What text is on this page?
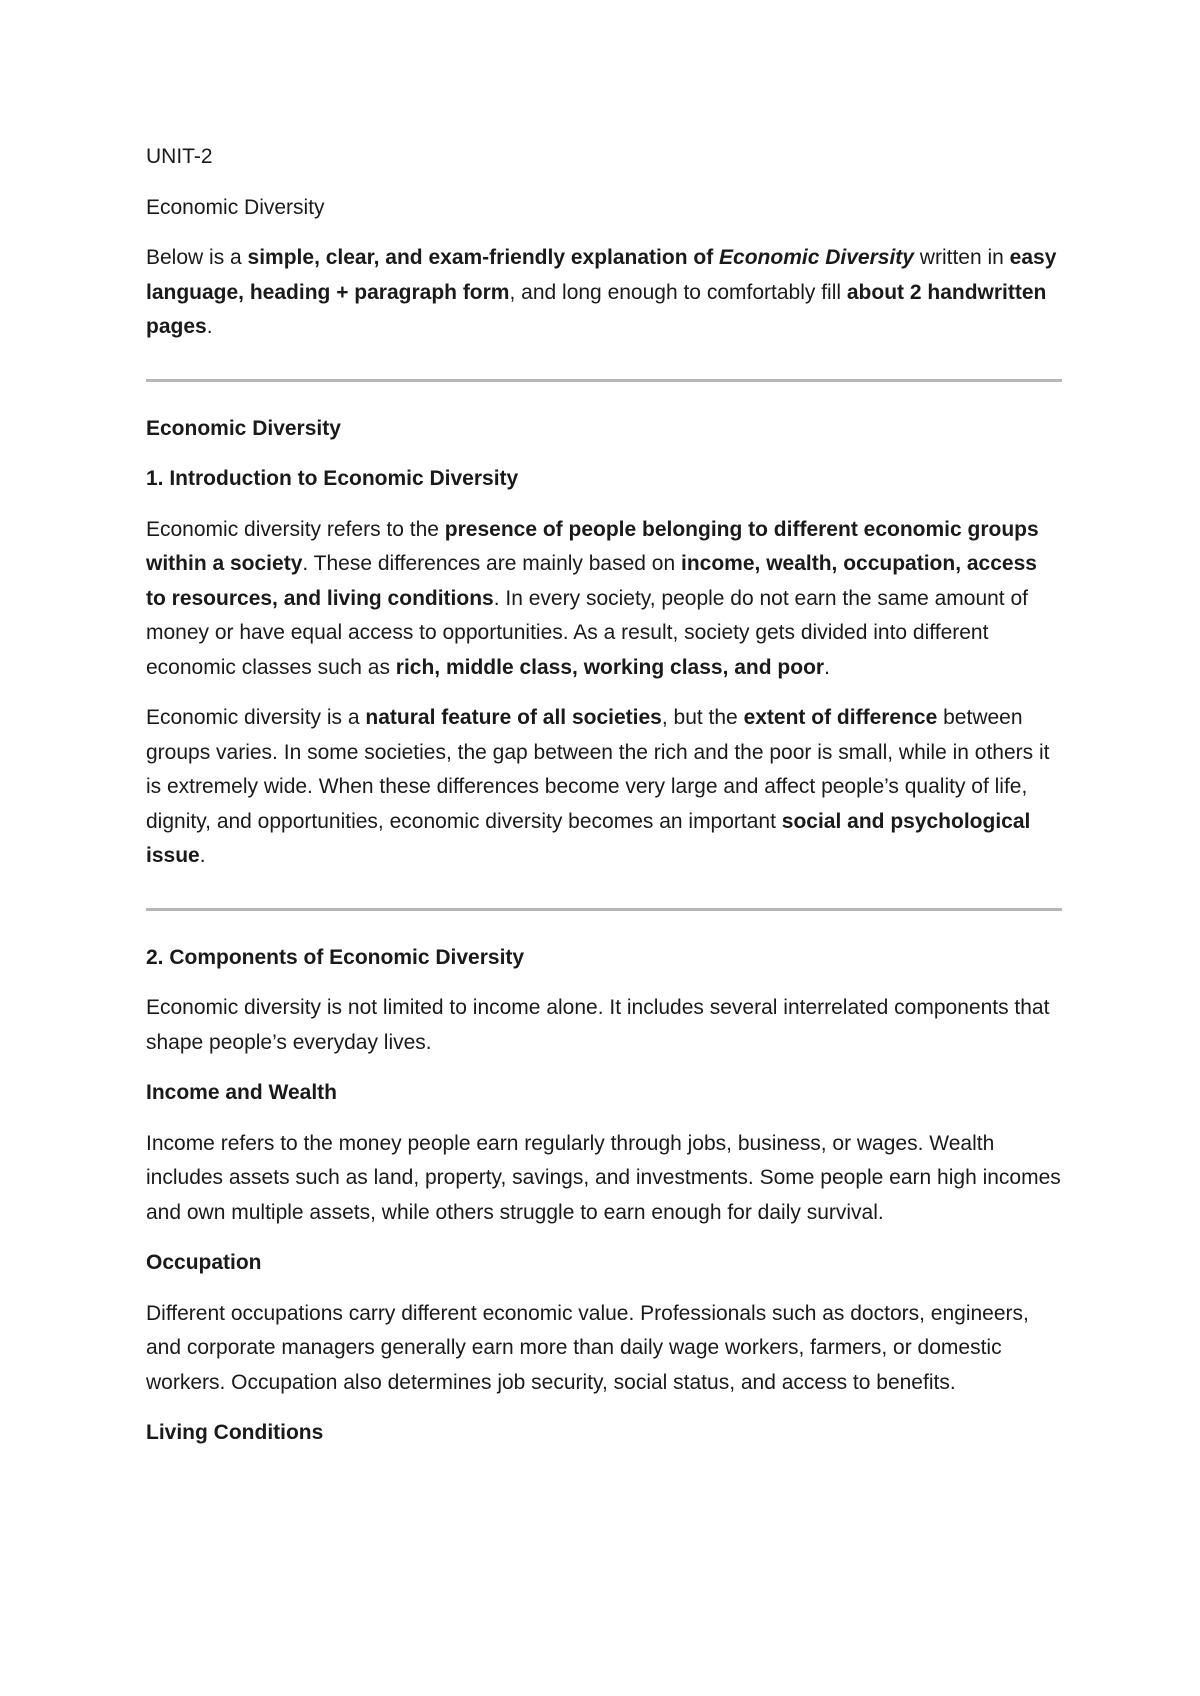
UNIT-2

Economic Diversity

Below is a simple, clear, and exam-friendly explanation of Economic Diversity written in easy language, heading + paragraph form, and long enough to comfortably fill about 2 handwritten pages.

Economic Diversity

1. Introduction to Economic Diversity

Economic diversity refers to the presence of people belonging to different economic groups within a society. These differences are mainly based on income, wealth, occupation, access to resources, and living conditions. In every society, people do not earn the same amount of money or have equal access to opportunities. As a result, society gets divided into different economic classes such as rich, middle class, working class, and poor.

Economic diversity is a natural feature of all societies, but the extent of difference between groups varies. In some societies, the gap between the rich and the poor is small, while in others it is extremely wide. When these differences become very large and affect people’s quality of life, dignity, and opportunities, economic diversity becomes an important social and psychological issue.

2. Components of Economic Diversity

Economic diversity is not limited to income alone. It includes several interrelated components that shape people’s everyday lives.

Income and Wealth

Income refers to the money people earn regularly through jobs, business, or wages. Wealth includes assets such as land, property, savings, and investments. Some people earn high incomes and own multiple assets, while others struggle to earn enough for daily survival.

Occupation

Different occupations carry different economic value. Professionals such as doctors, engineers, and corporate managers generally earn more than daily wage workers, farmers, or domestic workers. Occupation also determines job security, social status, and access to benefits.

Living Conditions
